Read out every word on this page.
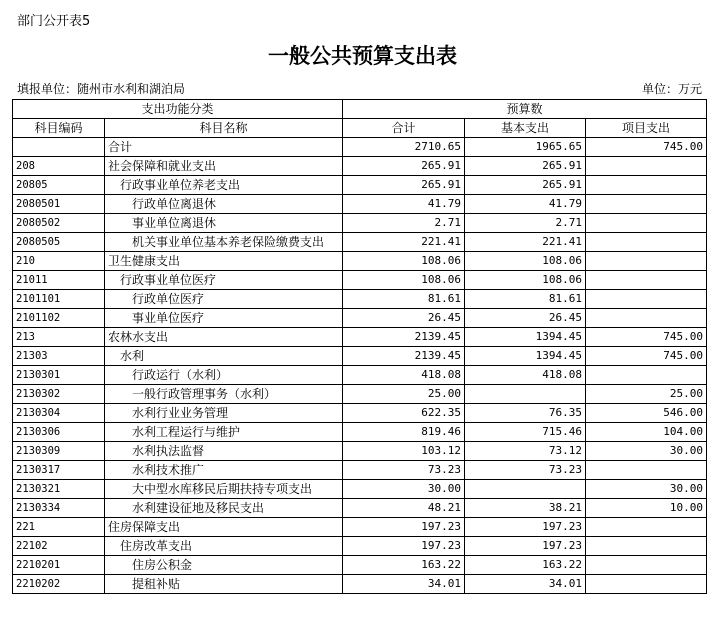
部门公开表5
一般公共预算支出表
填报单位：随州市水利和湖泊局	单位：万元
支出功能分类		预算数		
科目编码	科目名称	合计	基本支出	项目支出
	合计	2710.65	1965.65	745.00
208	社会保障和就业支出	265.91	265.91	
20805	行政事业单位养老支出	265.91	265.91	
2080501	行政单位离退休	41.79	41.79	
2080502	事业单位离退休	2.71	2.71	
2080505	机关事业单位基本养老保险缴费支出	221.41	221.41	
210	卫生健康支出	108.06	108.06	
21011	行政事业单位医疗	108.06	108.06	
2101101	行政单位医疗	81.61	81.61	
2101102	事业单位医疗	26.45	26.45	
213	农林水支出	2139.45	1394.45	745.00
21303	水利	2139.45	1394.45	745.00
2130301	行政运行（水利）	418.08	418.08	
2130302	一般行政管理事务（水利）	25.00		25.00
2130304	水利行业业务管理	622.35	76.35	546.00
2130306	水利工程运行与维护	819.46	715.46	104.00
2130309	水利执法监督	103.12	73.12	30.00
2130317	水利技术推广	73.23	73.23	
2130321	大中型水库移民后期扶持专项支出	30.00		30.00
2130334	水利建设征地及移民支出	48.21	38.21	10.00
221	住房保障支出	197.23	197.23	
22102	住房改革支出	197.23	197.23	
2210201	住房公积金	163.22	163.22	
2210202	提租补贴	34.01	34.01	
